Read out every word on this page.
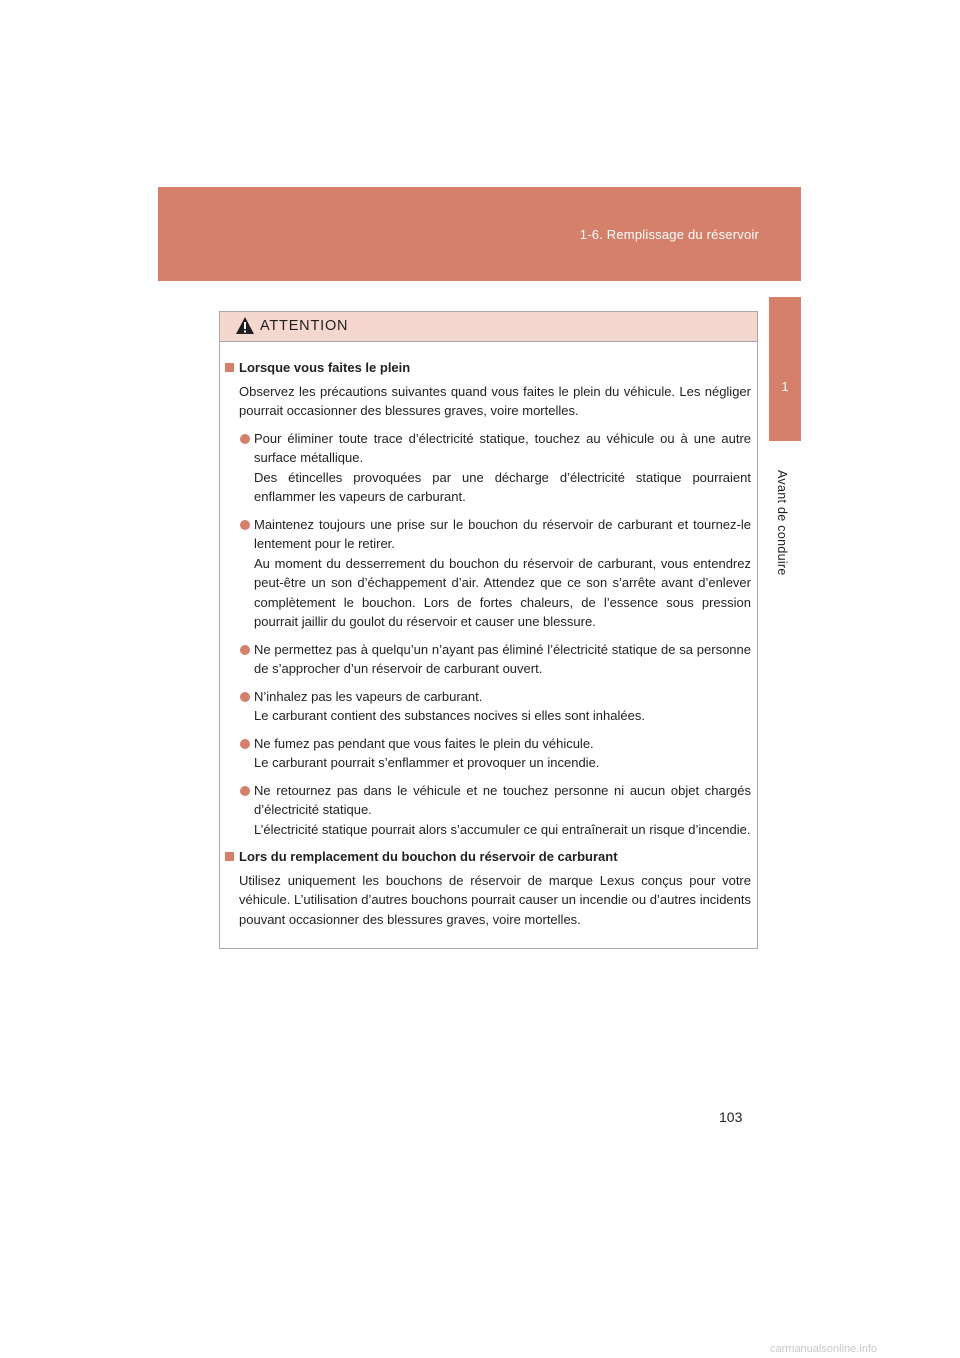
1-6. Remplissage du réservoir
1
Avant de conduire
ATTENTION
Lorsque vous faites le plein
Observez les précautions suivantes quand vous faites le plein du véhicule. Les négliger pourrait occasionner des blessures graves, voire mortelles.
Pour éliminer toute trace d’électricité statique, touchez au véhicule ou à une autre surface métallique.
Des étincelles provoquées par une décharge d’électricité statique pourraient enflammer les vapeurs de carburant.
Maintenez toujours une prise sur le bouchon du réservoir de carburant et tournez-le lentement pour le retirer.
Au moment du desserrement du bouchon du réservoir de carburant, vous entendrez peut-être un son d’échappement d’air. Attendez que ce son s’arrête avant d’enlever complètement le bouchon. Lors de fortes chaleurs, de l’essence sous pression pourrait jaillir du goulot du réservoir et causer une blessure.
Ne permettez pas à quelqu’un n’ayant pas éliminé l’électricité statique de sa personne de s’approcher d’un réservoir de carburant ouvert.
N’inhalez pas les vapeurs de carburant.
Le carburant contient des substances nocives si elles sont inhalées.
Ne fumez pas pendant que vous faites le plein du véhicule.
Le carburant pourrait s’enflammer et provoquer un incendie.
Ne retournez pas dans le véhicule et ne touchez personne ni aucun objet chargés d’électricité statique.
L’électricité statique pourrait alors s’accumuler ce qui entraînerait un risque d’incendie.
Lors du remplacement du bouchon du réservoir de carburant
Utilisez uniquement les bouchons de réservoir de marque Lexus conçus pour votre véhicule. L’utilisation d’autres bouchons pourrait causer un incendie ou d’autres incidents pouvant occasionner des blessures graves, voire mortelles.
103
carmanualsonline.info
